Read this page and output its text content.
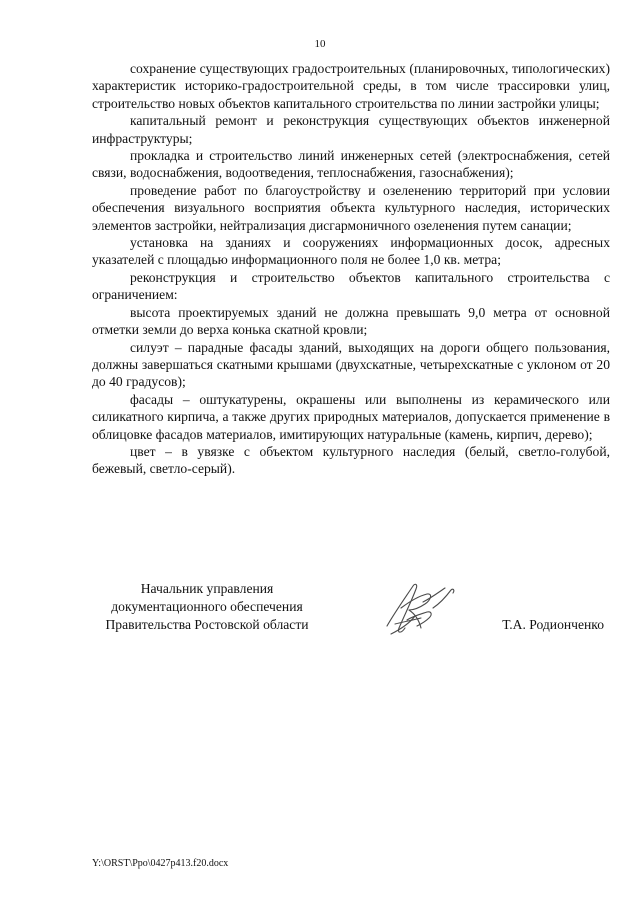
10

сохранение существующих градостроительных (планировочных, типологических) характеристик историко-градостроительной среды, в том числе трассировки улиц, строительство новых объектов капитального строительства по линии застройки улицы;

капитальный ремонт и реконструкция существующих объектов инженерной инфраструктуры;

прокладка и строительство линий инженерных сетей (электроснабжения, сетей связи, водоснабжения, водоотведения, теплоснабжения, газоснабжения);

проведение работ по благоустройству и озеленению территорий при условии обеспечения визуального восприятия объекта культурного наследия, исторических элементов застройки, нейтрализация дисгармоничного озеленения путем санации;

установка на зданиях и сооружениях информационных досок, адресных указателей с площадью информационного поля не более 1,0 кв. метра;

реконструкция и строительство объектов капитального строительства с ограничением:

высота проектируемых зданий не должна превышать 9,0 метра от основной отметки земли до верха конька скатной кровли;

силуэт – парадные фасады зданий, выходящих на дороги общего пользования, должны завершаться скатными крышами (двухскатные, четырехскатные с уклоном от 20 до 40 градусов);

фасады – оштукатурены, окрашены или выполнены из керамического или силикатного кирпича, а также других природных материалов, допускается применение в облицовке фасадов материалов, имитирующих натуральные (камень, кирпич, дерево);

цвет – в увязке с объектом культурного наследия (белый, светло-голубой, бежевый, светло-серый).

Начальник управления
документационного обеспечения
Правительства Ростовской области	Т.А. Родионченко
Y:\ORST\Ppo\0427p413.f20.docx
